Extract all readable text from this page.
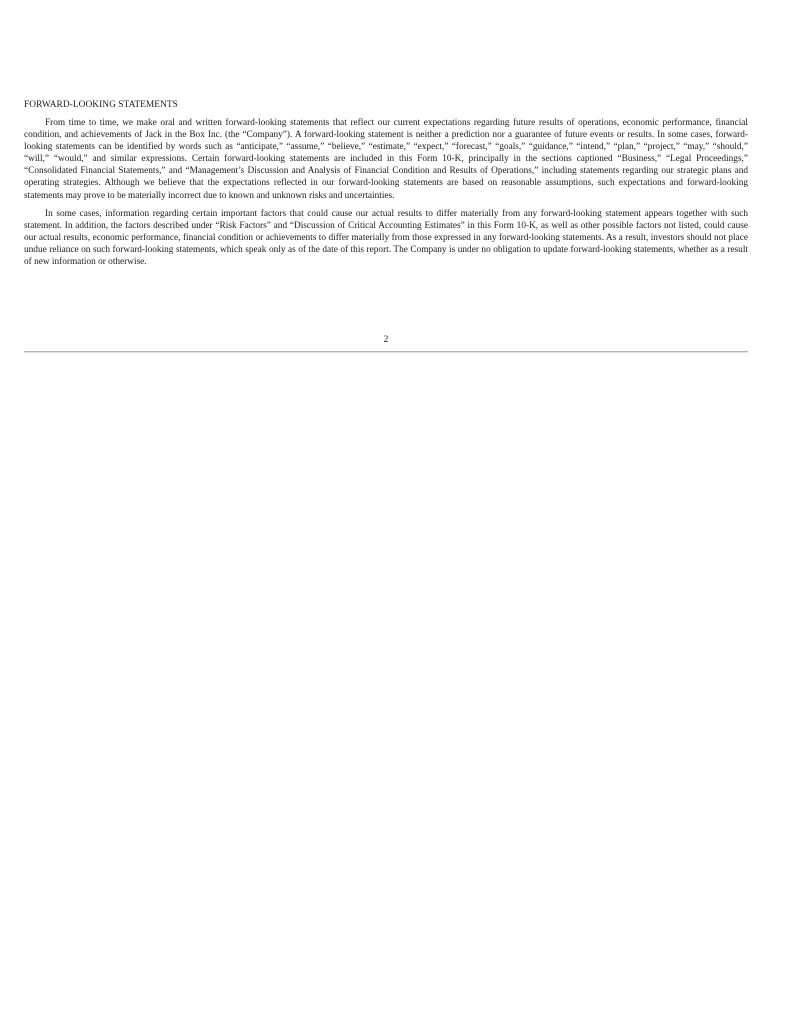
FORWARD-LOOKING STATEMENTS

From time to time, we make oral and written forward-looking statements that reflect our current expectations regarding future results of operations, economic performance, financial condition, and achievements of Jack in the Box Inc. (the “Company”). A forward-looking statement is neither a prediction nor a guarantee of future events or results. In some cases, forward-looking statements can be identified by words such as “anticipate,” “assume,” “believe,” “estimate,” “expect,” “forecast,” “goals,” “guidance,” “intend,” “plan,” “project,” “may,” “should,” “will,” “would,” and similar expressions. Certain forward-looking statements are included in this Form 10-K, principally in the sections captioned “Business,” “Legal Proceedings,” “Consolidated Financial Statements,” and “Management’s Discussion and Analysis of Financial Condition and Results of Operations,” including statements regarding our strategic plans and operating strategies. Although we believe that the expectations reflected in our forward-looking statements are based on reasonable assumptions, such expectations and forward-looking statements may prove to be materially incorrect due to known and unknown risks and uncertainties.

In some cases, information regarding certain important factors that could cause our actual results to differ materially from any forward-looking statement appears together with such statement. In addition, the factors described under “Risk Factors” and “Discussion of Critical Accounting Estimates” in this Form 10-K, as well as other possible factors not listed, could cause our actual results, economic performance, financial condition or achievements to differ materially from those expressed in any forward-looking statements. As a result, investors should not place undue reliance on such forward-looking statements, which speak only as of the date of this report. The Company is under no obligation to update forward-looking statements, whether as a result of new information or otherwise.

2
